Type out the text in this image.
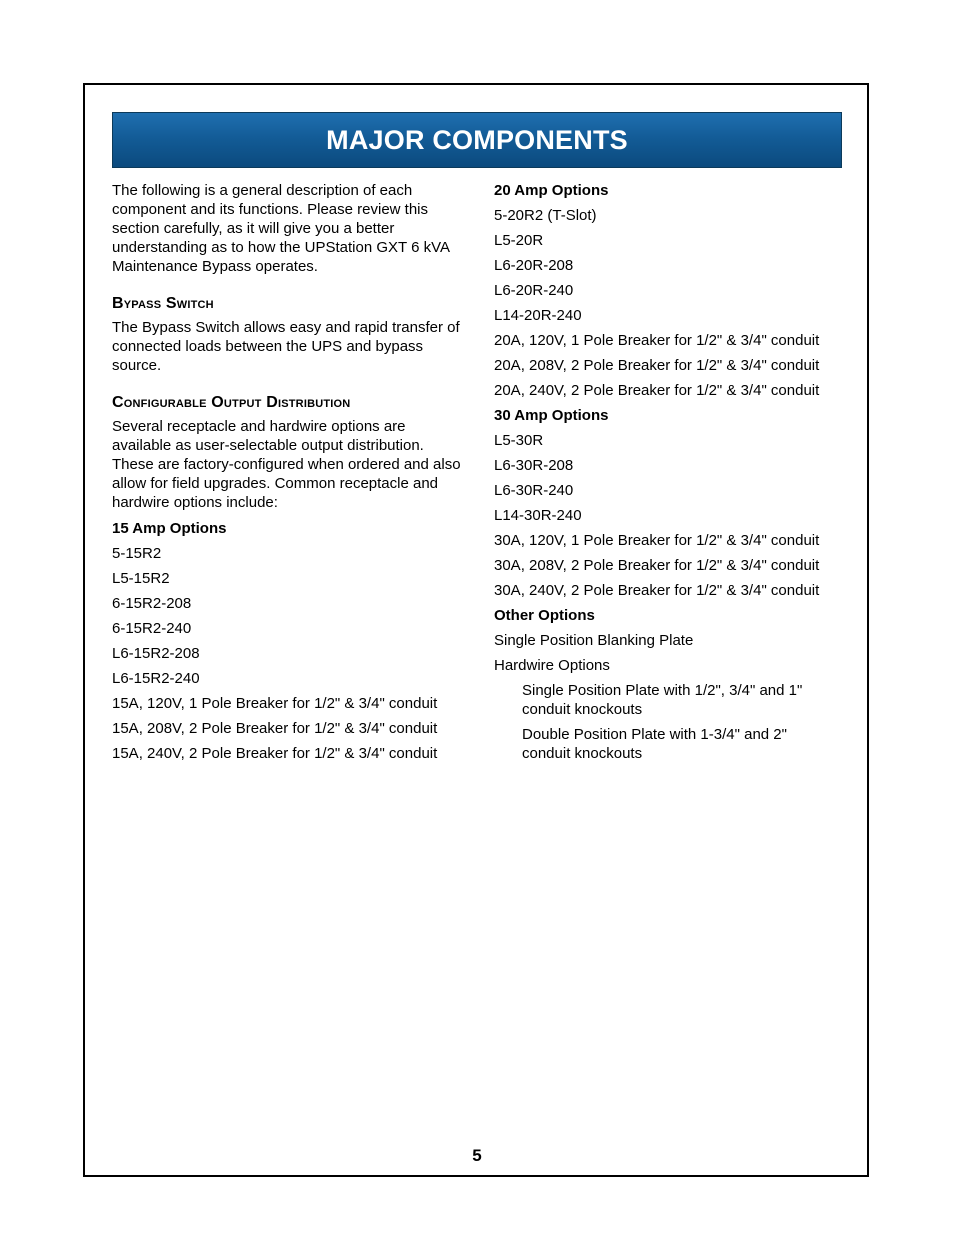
MAJOR COMPONENTS

The following is a general description of each component and its functions. Please review this section carefully, as it will give you a better understanding as to how the UPStation GXT 6 kVA Maintenance Bypass operates.

Bypass Switch

The Bypass Switch allows easy and rapid transfer of connected loads between the UPS and bypass source.

Configurable Output Distribution

Several receptacle and hardwire options are available as user-selectable output distribution. These are factory-configured when ordered and also allow for field upgrades. Common receptacle and hardwire options include:

15 Amp Options
5-15R2
L5-15R2
6-15R2-208
6-15R2-240
L6-15R2-208
L6-15R2-240
15A, 120V, 1 Pole Breaker for 1/2" & 3/4" conduit
15A, 208V, 2 Pole Breaker for 1/2" & 3/4" conduit
15A, 240V, 2 Pole Breaker for 1/2" & 3/4" conduit
20 Amp Options
5-20R2 (T-Slot)
L5-20R
L6-20R-208
L6-20R-240
L14-20R-240
20A, 120V, 1 Pole Breaker for 1/2" & 3/4" conduit
20A, 208V, 2 Pole Breaker for 1/2" & 3/4" conduit
20A, 240V, 2 Pole Breaker for 1/2" & 3/4" conduit
30 Amp Options
L5-30R
L6-30R-208
L6-30R-240
L14-30R-240
30A, 120V, 1 Pole Breaker for 1/2" & 3/4" conduit
30A, 208V, 2 Pole Breaker for 1/2" & 3/4" conduit
30A, 240V, 2 Pole Breaker for 1/2" & 3/4" conduit
Other Options
Single Position Blanking Plate
Hardwire Options
Single Position Plate with 1/2", 3/4" and 1" conduit knockouts
Double Position Plate with 1-3/4" and 2" conduit knockouts
5
